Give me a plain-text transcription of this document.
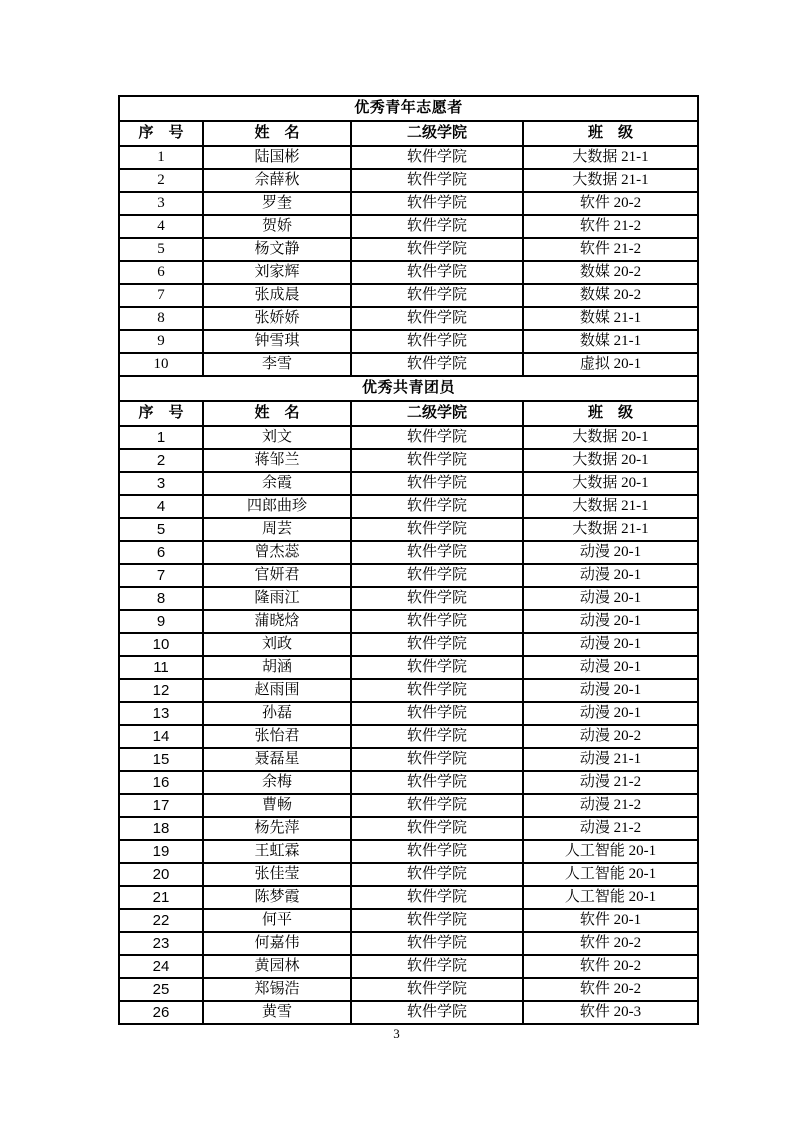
优秀青年志愿者			
序　号	姓　名	二级学院	班　级
1	陆国彬	软件学院	大数据 21-1
2	佘薛秋	软件学院	大数据 21-1
3	罗奎	软件学院	软件 20-2
4	贺娇	软件学院	软件 21-2
5	杨文静	软件学院	软件 21-2
6	刘家辉	软件学院	数媒 20-2
7	张成晨	软件学院	数媒 20-2
8	张娇娇	软件学院	数媒 21-1
9	钟雪琪	软件学院	数媒 21-1
10	李雪	软件学院	虚拟 20-1
优秀共青团员			
序　号	姓　名	二级学院	班　级
1	刘文	软件学院	大数据 20-1
2	蒋邹兰	软件学院	大数据 20-1
3	余霞	软件学院	大数据 20-1
4	四郎曲珍	软件学院	大数据 21-1
5	周芸	软件学院	大数据 21-1
6	曾杰蕊	软件学院	动漫 20-1
7	官妍君	软件学院	动漫 20-1
8	隆雨江	软件学院	动漫 20-1
9	蒲晓焓	软件学院	动漫 20-1
10	刘政	软件学院	动漫 20-1
11	胡涵	软件学院	动漫 20-1
12	赵雨围	软件学院	动漫 20-1
13	孙磊	软件学院	动漫 20-1
14	张怡君	软件学院	动漫 20-2
15	聂磊星	软件学院	动漫 21-1
16	余梅	软件学院	动漫 21-2
17	曹畅	软件学院	动漫 21-2
18	杨先萍	软件学院	动漫 21-2
19	王虹霖	软件学院	人工智能 20-1
20	张佳莹	软件学院	人工智能 20-1
21	陈梦霞	软件学院	人工智能 20-1
22	何平	软件学院	软件 20-1
23	何嘉伟	软件学院	软件 20-2
24	黄园林	软件学院	软件 20-2
25	郑锡浩	软件学院	软件 20-2
26	黄雪	软件学院	软件 20-3
3
